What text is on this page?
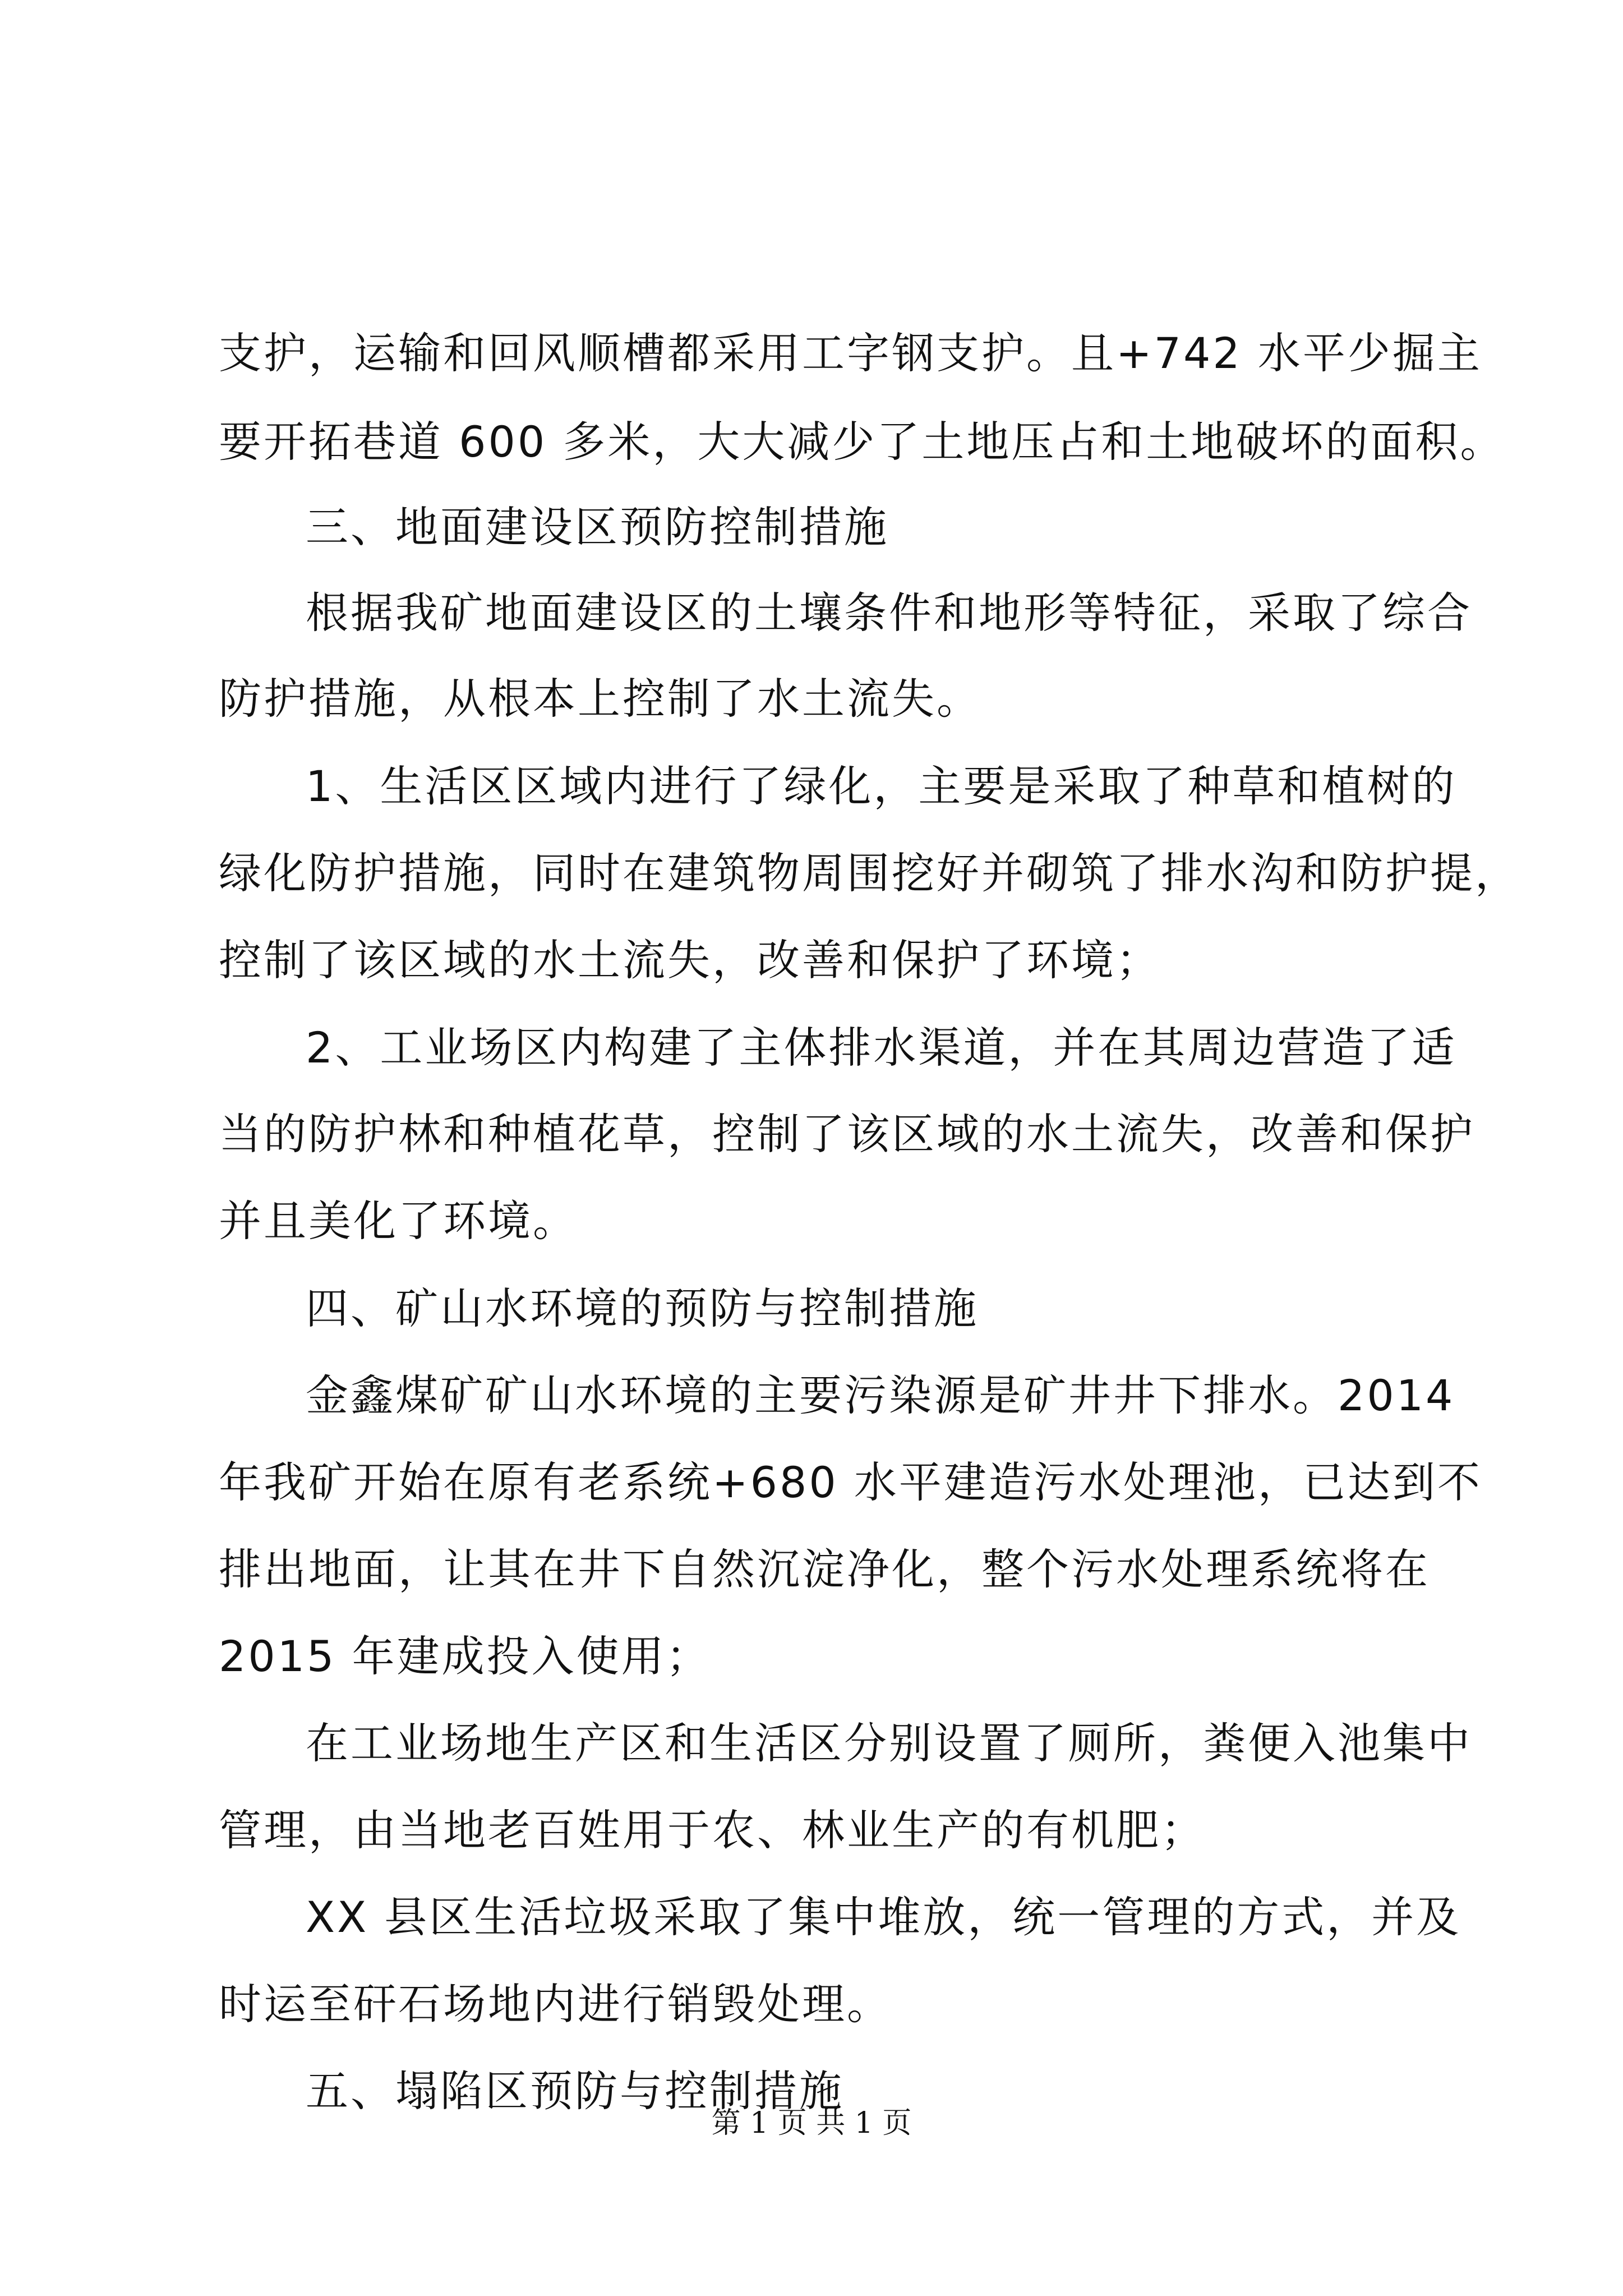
支护，运输和回风顺槽都采用工字钢支护。且+742 水平少掘主
要开拓巷道 600 多米，大大减少了土地压占和土地破坏的面积。
三、地面建设区预防控制措施
根据我矿地面建设区的土壤条件和地形等特征，采取了综合
防护措施，从根本上控制了水土流失。
1、生活区区域内进行了绿化，主要是采取了种草和植树的
绿化防护措施，同时在建筑物周围挖好并砌筑了排水沟和防护提，
控制了该区域的水土流失，改善和保护了环境；
2、工业场区内构建了主体排水渠道，并在其周边营造了适
当的防护林和种植花草，控制了该区域的水土流失，改善和保护
并且美化了环境。
四、矿山水环境的预防与控制措施
金鑫煤矿矿山水环境的主要污染源是矿井井下排水。2014
年我矿开始在原有老系统+680 水平建造污水处理池，已达到不
排出地面，让其在井下自然沉淀净化，整个污水处理系统将在
2015 年建成投入使用；
在工业场地生产区和生活区分别设置了厕所，粪便入池集中
管理，由当地老百姓用于农、林业生产的有机肥；
XX 县区生活垃圾采取了集中堆放，统一管理的方式，并及
时运至矸石场地内进行销毁处理。
五、塌陷区预防与控制措施
第 1 页 共 1 页
